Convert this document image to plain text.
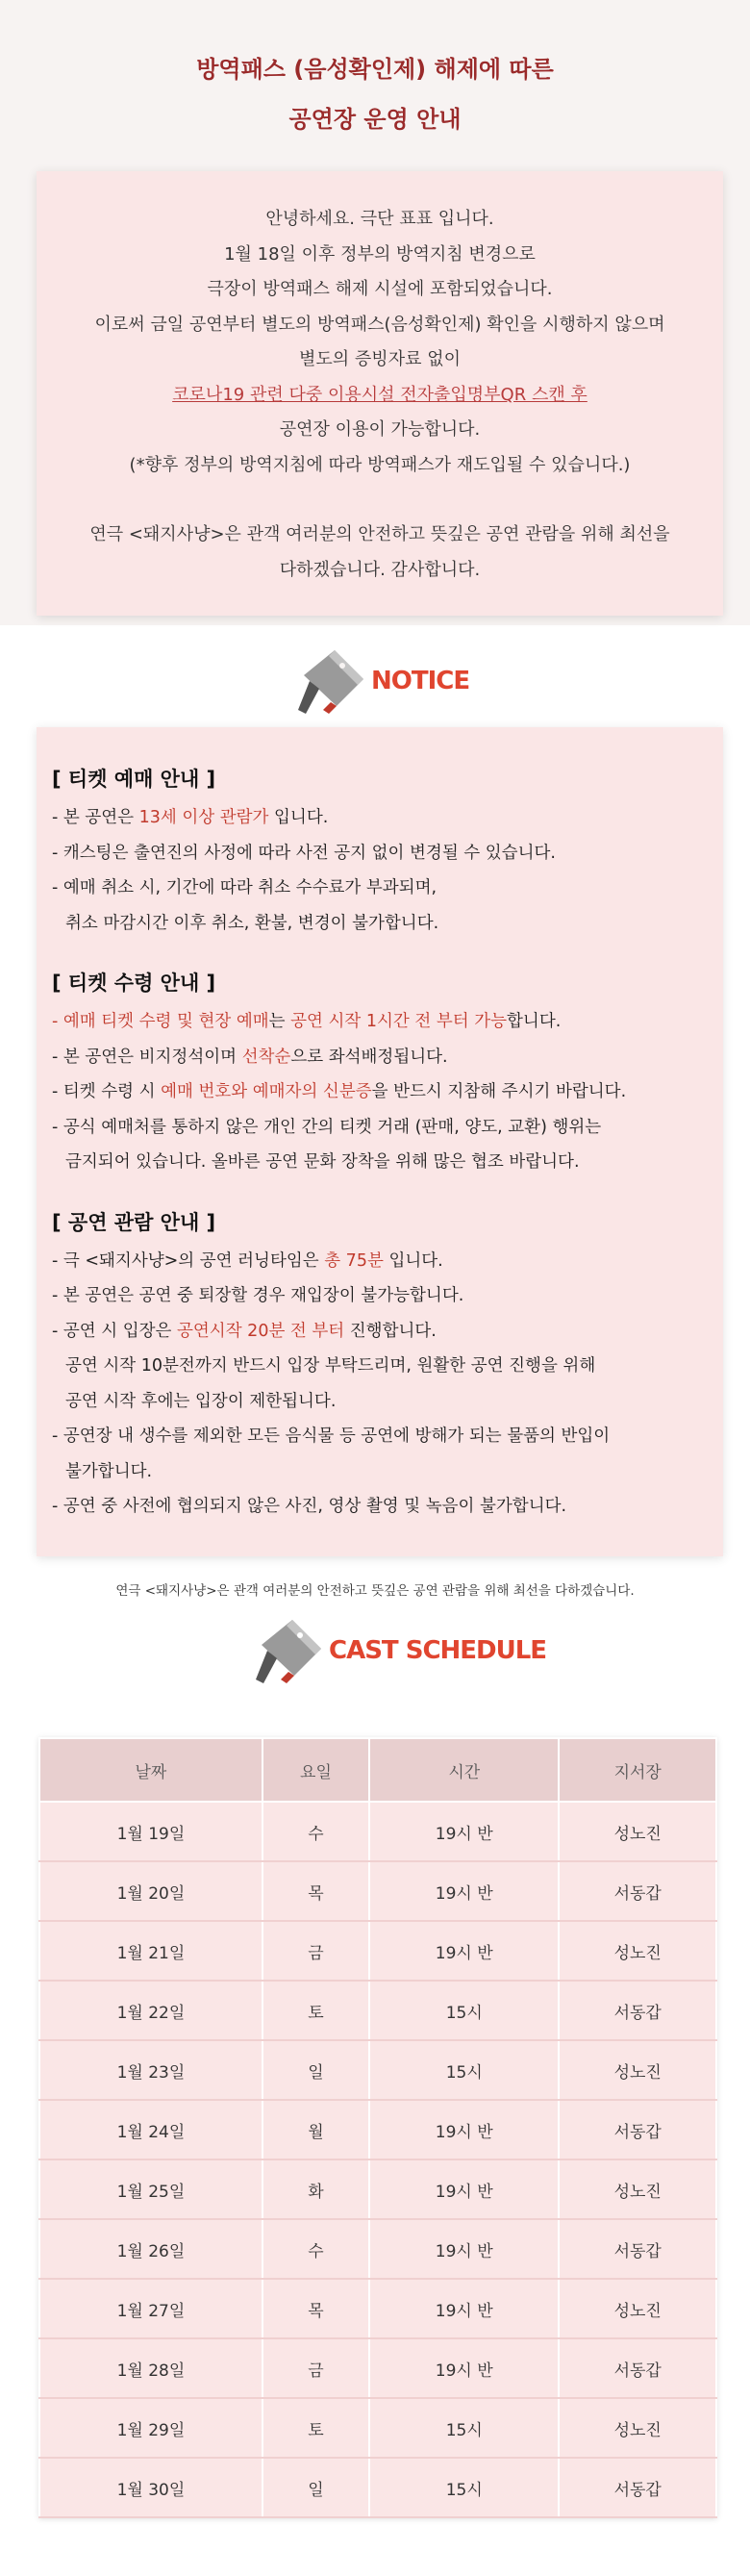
방역패스 (음성확인제) 해제에 따른
공연장 운영 안내
안녕하세요. 극단 표표 입니다.
1월 18일 이후 정부의 방역지침 변경으로
극장이 방역패스 해제 시설에 포함되었습니다.
이로써 금일 공연부터 별도의 방역패스(음성확인제) 확인을 시행하지 않으며
별도의 증빙자료 없이
코로나19 관련 다중 이용시설 전자출입명부QR 스캔 후
공연장 이용이 가능합니다.
(*향후 정부의 방역지침에 따라 방역패스가 재도입될 수 있습니다.)
연극 <돼지사냥>은 관객 여러분의 안전하고 뜻깊은 공연 관람을 위해 최선을
다하겠습니다. 감사합니다.
NOTICE
[ 티켓 예매 안내 ]
- 본 공연은 13세 이상 관람가 입니다.
- 캐스팅은 출연진의 사정에 따라 사전 공지 없이 변경될 수 있습니다.
- 예매 취소 시, 기간에 따라 취소 수수료가 부과되며,
취소 마감시간 이후 취소, 환불, 변경이 불가합니다.
[ 티켓 수령 안내 ]
- 예매 티켓 수령 및 현장 예매는 공연 시작 1시간 전 부터 가능합니다.
- 본 공연은 비지정석이며 선착순으로 좌석배정됩니다.
- 티켓 수령 시 예매 번호와 예매자의 신분증을 반드시 지참해 주시기 바랍니다.
- 공식 예매처를 통하지 않은 개인 간의 티켓 거래 (판매, 양도, 교환) 행위는
금지되어 있습니다. 올바른 공연 문화 장착을 위해 많은 협조 바랍니다.
[ 공연 관람 안내 ]
- 극 <돼지사냥>의 공연 러닝타임은 총 75분 입니다.
- 본 공연은 공연 중 퇴장할 경우 재입장이 불가능합니다.
- 공연 시 입장은 공연시작 20분 전 부터 진행합니다.
공연 시작 10분전까지 반드시 입장 부탁드리며, 원활한 공연 진행을 위해
공연 시작 후에는 입장이 제한됩니다.
- 공연장 내 생수를 제외한 모든 음식물 등 공연에 방해가 되는 물품의 반입이
불가합니다.
- 공연 중 사전에 협의되지 않은 사진, 영상 촬영 및 녹음이 불가합니다.
연극 <돼지사냥>은 관객 여러분의 안전하고 뜻깊은 공연 관람을 위해 최선을 다하겠습니다.
CAST SCHEDULE
날짜	요일	시간	지서장
1월 19일	수	19시 반	성노진
1월 20일	목	19시 반	서동갑
1월 21일	금	19시 반	성노진
1월 22일	토	15시	서동갑
1월 23일	일	15시	성노진
1월 24일	월	19시 반	서동갑
1월 25일	화	19시 반	성노진
1월 26일	수	19시 반	서동갑
1월 27일	목	19시 반	성노진
1월 28일	금	19시 반	서동갑
1월 29일	토	15시	성노진
1월 30일	일	15시	서동갑
